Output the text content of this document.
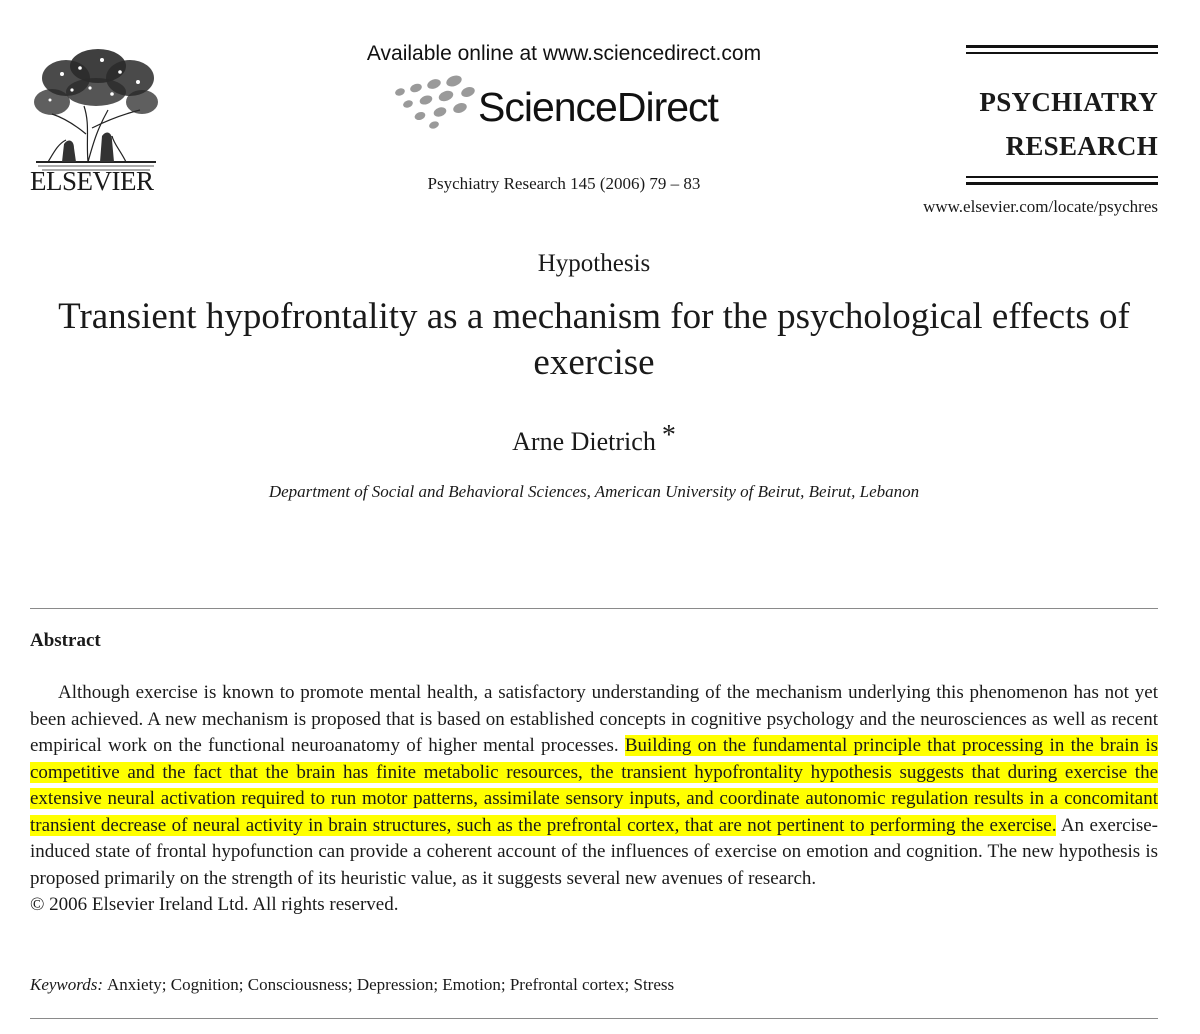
ELSEVIER
Available online at www.sciencedirect.com
ScienceDirect
Psychiatry Research 145 (2006) 79 – 83
PSYCHIATRY
RESEARCH
www.elsevier.com/locate/psychres
Hypothesis
Transient hypofrontality as a mechanism for the psychological effects of exercise
Arne Dietrich *
Department of Social and Behavioral Sciences, American University of Beirut, Beirut, Lebanon
Abstract

Although exercise is known to promote mental health, a satisfactory understanding of the mechanism underlying this phenomenon has not yet been achieved. A new mechanism is proposed that is based on established concepts in cognitive psychology and the neurosciences as well as recent empirical work on the functional neuroanatomy of higher mental processes. Building on the fundamental principle that processing in the brain is competitive and the fact that the brain has finite metabolic resources, the transient hypofrontality hypothesis suggests that during exercise the extensive neural activation required to run motor patterns, assimilate sensory inputs, and coordinate autonomic regulation results in a concomitant transient decrease of neural activity in brain structures, such as the prefrontal cortex, that are not pertinent to performing the exercise. An exercise-induced state of frontal hypofunction can provide a coherent account of the influences of exercise on emotion and cognition. The new hypothesis is proposed primarily on the strength of its heuristic value, as it suggests several new avenues of research.
© 2006 Elsevier Ireland Ltd. All rights reserved.

Keywords: Anxiety; Cognition; Consciousness; Depression; Emotion; Prefrontal cortex; Stress
